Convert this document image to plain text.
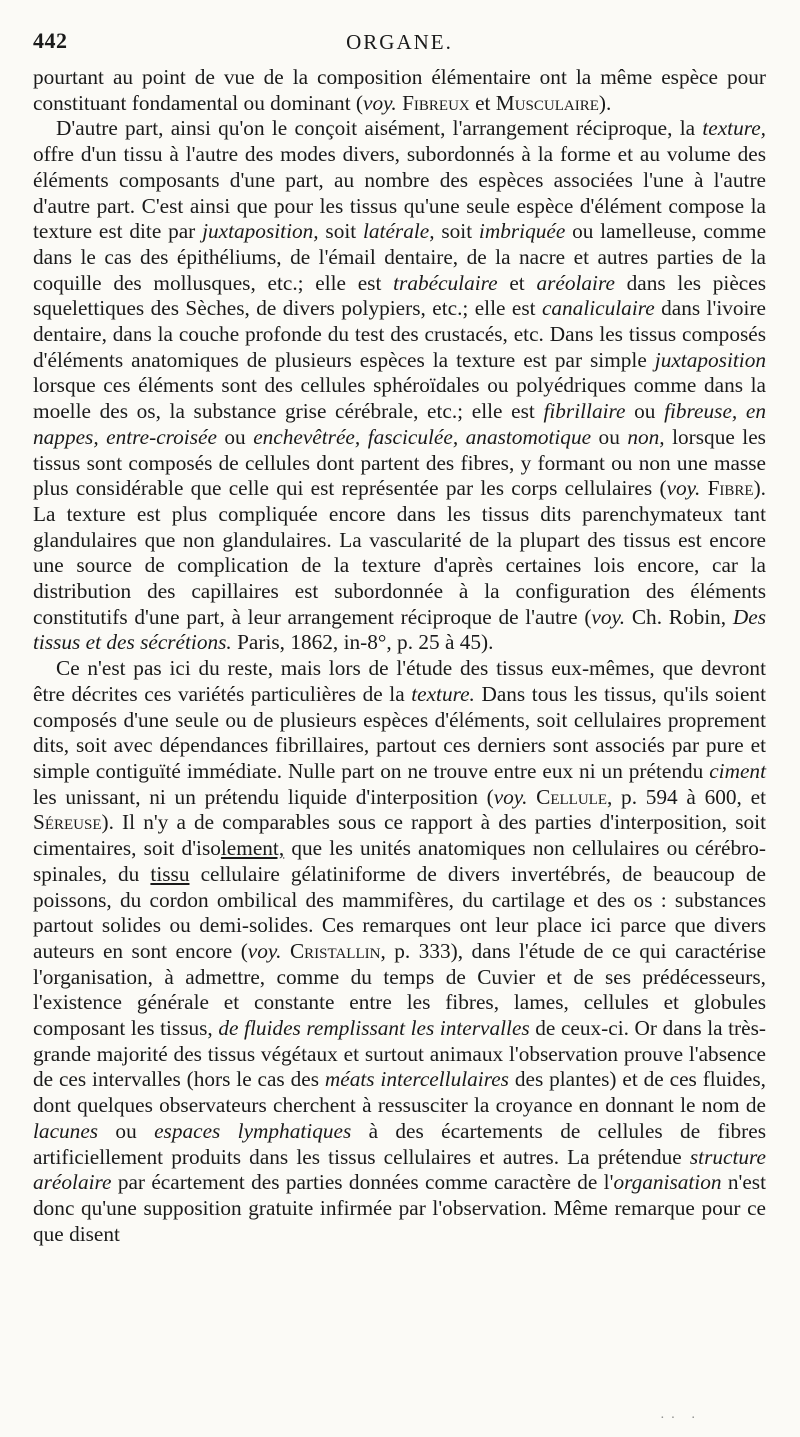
442	ORGANE.

pourtant au point de vue de la composition élémentaire ont la même espèce pour constituant fondamental ou dominant (voy. Fibreux et Musculaire).

D'autre part, ainsi qu'on le conçoit aisément, l'arrangement réciproque, la texture, offre d'un tissu à l'autre des modes divers, subordonnés à la forme et au volume des éléments composants d'une part, au nombre des espèces associées l'une à l'autre d'autre part. C'est ainsi que pour les tissus qu'une seule espèce d'élément compose la texture est dite par juxtaposition, soit latérale, soit imbriquée ou lamelleuse, comme dans le cas des épithéliums, de l'émail dentaire, de la nacre et autres parties de la coquille des mollusques, etc.; elle est trabéculaire et aréolaire dans les pièces squelettiques des Sèches, de divers polypiers, etc.; elle est canaliculaire dans l'ivoire dentaire, dans la couche profonde du test des crustacés, etc. Dans les tissus composés d'éléments anatomiques de plusieurs espèces la texture est par simple juxtaposition lorsque ces éléments sont des cellules sphéroïdales ou polyédriques comme dans la moelle des os, la substance grise cérébrale, etc.; elle est fibrillaire ou fibreuse, en nappes, entre-croisée ou enchevêtrée, fasciculée, anastomotique ou non, lorsque les tissus sont composés de cellules dont partent des fibres, y formant ou non une masse plus considérable que celle qui est représentée par les corps cellulaires (voy. Fibre). La texture est plus compliquée encore dans les tissus dits parenchymateux tant glandulaires que non glandulaires. La vascularité de la plupart des tissus est encore une source de complication de la texture d'après certaines lois encore, car la distribution des capillaires est subordonnée à la configuration des éléments constitutifs d'une part, à leur arrangement réciproque de l'autre (voy. Ch. Robin, Des tissus et des sécrétions. Paris, 1862, in-8°, p. 25 à 45).

Ce n'est pas ici du reste, mais lors de l'étude des tissus eux-mêmes, que devront être décrites ces variétés particulières de la texture. Dans tous les tissus, qu'ils soient composés d'une seule ou de plusieurs espèces d'éléments, soit cellulaires proprement dits, soit avec dépendances fibrillaires, partout ces derniers sont associés par pure et simple contiguïté immédiate. Nulle part on ne trouve entre eux ni un prétendu ciment les unissant, ni un prétendu liquide d'interposition (voy. Cellule, p. 594 à 600, et Séreuse). Il n'y a de comparables sous ce rapport à des parties d'interposition, soit cimentaires, soit d'isolement, que les unités anatomiques non cellulaires ou cérébro-spinales, du tissu cellulaire gélatiniforme de divers invertébrés, de beaucoup de poissons, du cordon ombilical des mammifères, du cartilage et des os : substances partout solides ou demi-solides. Ces remarques ont leur place ici parce que divers auteurs en sont encore (voy. Cristallin, p. 333), dans l'étude de ce qui caractérise l'organisation, à admettre, comme du temps de Cuvier et de ses prédécesseurs, l'existence générale et constante entre les fibres, lames, cellules et globules composant les tissus, de fluides remplissant les intervalles de ceux-ci. Or dans la très-grande majorité des tissus végétaux et surtout animaux l'observation prouve l'absence de ces intervalles (hors le cas des méats intercellulaires des plantes) et de ces fluides, dont quelques observateurs cherchent à ressusciter la croyance en donnant le nom de lacunes ou espaces lymphatiques à des écartements de cellules de fibres artificiellement produits dans les tissus cellulaires et autres. La prétendue structure aréolaire par écartement des parties données comme caractère de l'organisation n'est donc qu'une supposition gratuite infirmée par l'observation. Même remarque pour ce que disent

·· ·
